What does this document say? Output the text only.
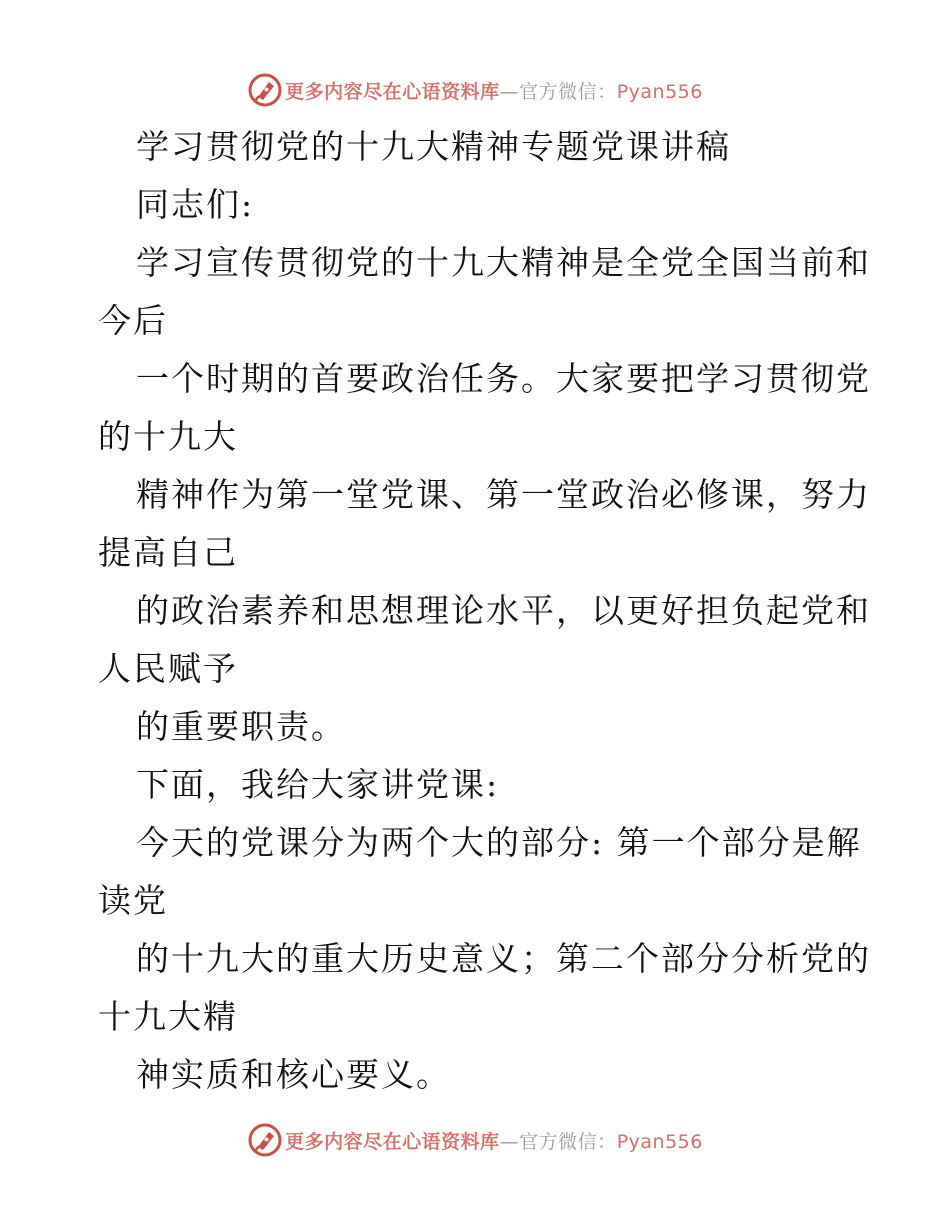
更多内容尽在心语资料库—官方微信：Pyan556
学习贯彻党的十九大精神专题党课讲稿
同志们:
学习宣传贯彻党的十九大精神是全党全国当前和
今后
一个时期的首要政治任务。大家要把学习贯彻党
的十九大
精神作为第一堂党课、第一堂政治必修课，努力
提高自己
的政治素养和思想理论水平，以更好担负起党和
人民赋予
的重要职责。
下面，我给大家讲党课:
今天的党课分为两个大的部分: 第一个部分是解
读党
的十九大的重大历史意义；第二个部分分析党的
十九大精
神实质和核心要义。
更多内容尽在心语资料库—官方微信：Pyan556
